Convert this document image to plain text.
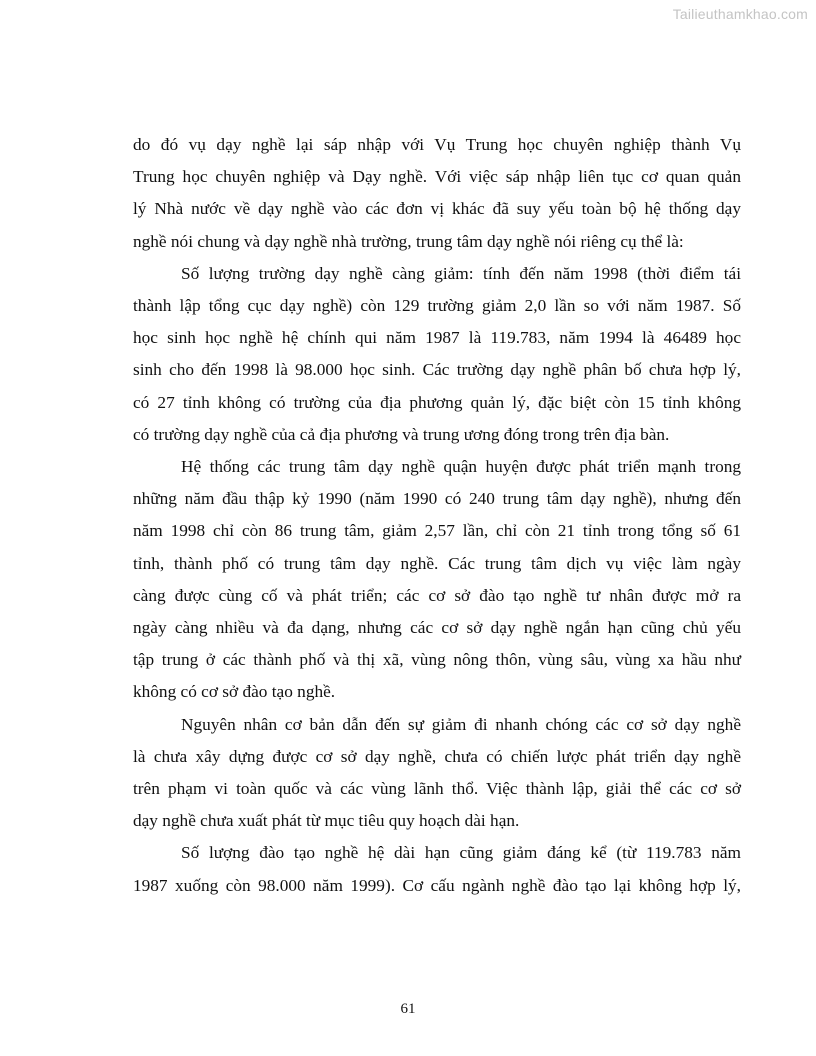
Tailieuthamkhao.com

do đó vụ dạy nghề lại sáp nhập với Vụ Trung học chuyên nghiệp thành Vụ
Trung học chuyên nghiệp và Dạy nghề. Với việc sáp nhập liên tục cơ quan quản
lý Nhà nước về dạy nghề vào các đơn vị khác đã suy yếu toàn bộ hệ thống dạy
nghề nói chung và dạy nghề nhà trường, trung tâm dạy nghề nói riêng cụ thể là:

Số lượng trường dạy nghề càng giảm: tính đến năm 1998 (thời điểm tái
thành lập tổng cục dạy nghề) còn 129 trường giảm 2,0 lần so với năm 1987. Số
học sinh học nghề hệ chính qui năm 1987 là 119.783, năm 1994 là 46489 học
sinh cho đến 1998 là 98.000 học sinh. Các trường dạy nghề phân bố chưa hợp lý,
có 27 tỉnh không có trường của địa phương quản lý, đặc biệt còn 15 tỉnh không
có trường dạy nghề của cả địa phương và trung ương đóng trong trên địa bàn.

Hệ thống các trung tâm dạy nghề quận huyện được phát triển mạnh trong
những năm đầu thập kỷ 1990 (năm 1990 có 240 trung tâm dạy nghề), nhưng đến
năm 1998 chỉ còn 86 trung tâm, giảm 2,57 lần, chỉ còn 21 tỉnh trong tổng số 61
tỉnh, thành phố có trung tâm dạy nghề. Các trung tâm dịch vụ việc làm ngày
càng được cùng cố và phát triển; các cơ sở đào tạo nghề tư nhân được mở ra
ngày càng nhiều và đa dạng, nhưng các cơ sở dạy nghề ngắn hạn cũng chủ yếu
tập trung ở các thành phố và thị xã, vùng nông thôn, vùng sâu, vùng xa hầu như
không có cơ sở đào tạo nghề.

Nguyên nhân cơ bản dẫn đến sự giảm đi nhanh chóng các cơ sở dạy nghề
là chưa xây dựng được cơ sở dạy nghề, chưa có chiến lược phát triển dạy nghề
trên phạm vi toàn quốc và các vùng lãnh thổ. Việc thành lập, giải thể các cơ sở
dạy nghề chưa xuất phát từ mục tiêu quy hoạch dài hạn.

Số lượng đào tạo nghề hệ dài hạn cũng giảm đáng kể (từ 119.783 năm
1987 xuống còn 98.000 năm 1999). Cơ cấu ngành nghề đào tạo lại không hợp lý,

61
